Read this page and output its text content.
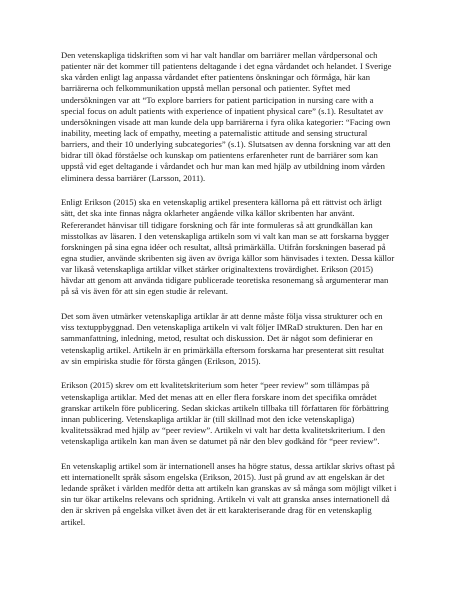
Den vetenskapliga tidskriften som vi har valt handlar om barriärer mellan vårdpersonal och
patienter när det kommer till patientens deltagande i det egna vårdandet och helandet. I Sverige
ska vården enligt lag anpassa vårdandet efter patientens önskningar och förmåga, här kan
barriärerna och felkommunikation uppstå mellan personal och patienter. Syftet med
undersökningen var att “To explore barriers for patient participation in nursing care with a
special focus on adult patients with experience of inpatient physical care” (s.1). Resultatet av
undersökningen visade att man kunde dela upp barriärerna i fyra olika kategorier: “Facing own
inability, meeting lack of empathy, meeting a paternalistic attitude and sensing structural
barriers, and their 10 underlying subcategories” (s.1). Slutsatsen av denna forskning var att den
bidrar till ökad förståelse och kunskap om patientens erfarenheter runt de barriärer som kan
uppstå vid eget deltagande i vårdandet och hur man kan med hjälp av utbildning inom vården
eliminera dessa barriärer (Larsson, 2011).

Enligt Erikson (2015) ska en vetenskaplig artikel presentera källorna på ett rättvist och ärligt
sätt, det ska inte finnas några oklarheter angående vilka källor skribenten har använt.
Refererandet hänvisar till tidigare forskning och får inte formuleras så att grundkällan kan
misstolkas av läsaren. I den vetenskapliga artikeln som vi valt kan man se att forskarna bygger
forskningen på sina egna idéer och resultat, alltså primärkälla. Utifrån forskningen baserad på
egna studier, använde skribenten sig även av övriga källor som hänvisades i texten. Dessa källor
var likaså vetenskapliga artiklar vilket stärker originaltextens trovärdighet. Erikson (2015)
hävdar att genom att använda tidigare publicerade teoretiska resonemang så argumenterar man
på så vis även för att sin egen studie är relevant.

Det som även utmärker vetenskapliga artiklar är att denne måste följa vissa strukturer och en
viss textuppbyggnad. Den vetenskapliga artikeln vi valt följer IMRaD strukturen. Den har en
sammanfattning, inledning, metod, resultat och diskussion. Det är något som definierar en
vetenskaplig artikel. Artikeln är en primärkälla eftersom forskarna har presenterat sitt resultat
av sin empiriska studie för första gången (Erikson, 2015).

Erikson (2015) skrev om ett kvalitetskriterium som heter “peer review” som tillämpas på
vetenskapliga artiklar. Med det menas att en eller flera forskare inom det specifika området
granskar artikeln före publicering. Sedan skickas artikeln tillbaka till författaren för förbättring
innan publicering. Vetenskapliga artiklar är (till skillnad mot den icke vetenskapliga)
kvalitetssäkrad med hjälp av “peer review”. Artikeln vi valt har detta kvalitetskriterium. I den
vetenskapliga artikeln kan man även se datumet på när den blev godkänd för “peer review”.

En vetenskaplig artikel som är internationell anses ha högre status, dessa artiklar skrivs oftast på
ett internationellt språk såsom engelska (Erikson, 2015). Just på grund av att engelskan är det
ledande språket i världen medför detta att artikeln kan granskas av så många som möjligt vilket i
sin tur ökar artikelns relevans och spridning. Artikeln vi valt att granska anses internationell då
den är skriven på engelska vilket även det är ett karakteriserande drag för en vetenskaplig
artikel.
